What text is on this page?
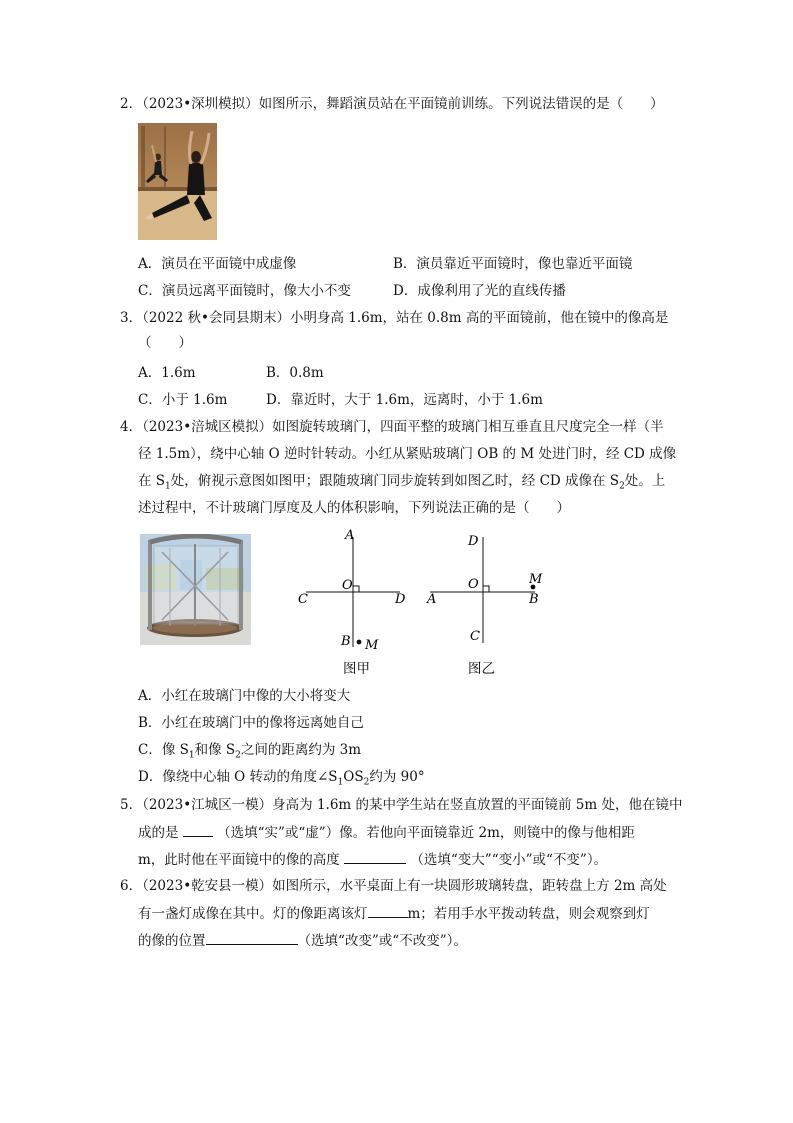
2．（2023•深圳模拟）如图所示，舞蹈演员站在平面镜前训练。下列说法错误的是（　　）
A．演员在平面镜中成虚像	B．演员靠近平面镜时，像也靠近平面镜
C．演员远离平面镜时，像大小不变	D．成像利用了光的直线传播
3．（2022 秋•会同县期末）小明身高 1.6m，站在 0.8m 高的平面镜前，他在镜中的像高是
（　　）
A．1.6m	B．0.8m
C．小于 1.6m	D．靠近时，大于 1.6m，远离时，小于 1.6m
4．（2023•涪城区模拟）如图旋转玻璃门，四面平整的玻璃门相互垂直且尺度完全一样（半
径 1.5m），绕中心轴 O 逆时针转动。小红从紧贴玻璃门 OB 的 M 处进门时，经 CD 成像
在 $S_1$处，俯视示意图如图甲；跟随玻璃门同步旋转到如图乙时，经 CD 成像在 $S_2$处。上
述过程中，不计玻璃门厚度及人的体积影响，下列说法正确的是（　　）
A
O
C	D
B M
图甲
D
O
A
M
B
C
图乙
A．小红在玻璃门中像的大小将变大
B．小红在玻璃门中的像将远离她自己
C．像 $S_1$和像 $S_2$之间的距离约为 3m
D．像绕中心轴 O 转动的角度$\angle S_1OS_2$约为 90°
5．（2023•江城区一模）身高为 1.6m 的某中学生站在竖直放置的平面镜前 5m 处，他在镜中
成的是	（选填“实”或“虚”）像。若他向平面镜靠近 2m，则镜中的像与他相距
m，此时他在平面镜中的像的高度	（选填“变大”“变小”或“不变”）。
6．（2023•乾安县一模）如图所示，水平桌面上有一块圆形玻璃转盘，距转盘上方 2m 高处
有一盏灯成像在其中。灯的像距离该灯	m；若用手水平拨动转盘，则会观察到灯
的像的位置	（选填“改变”或“不改变”）。
